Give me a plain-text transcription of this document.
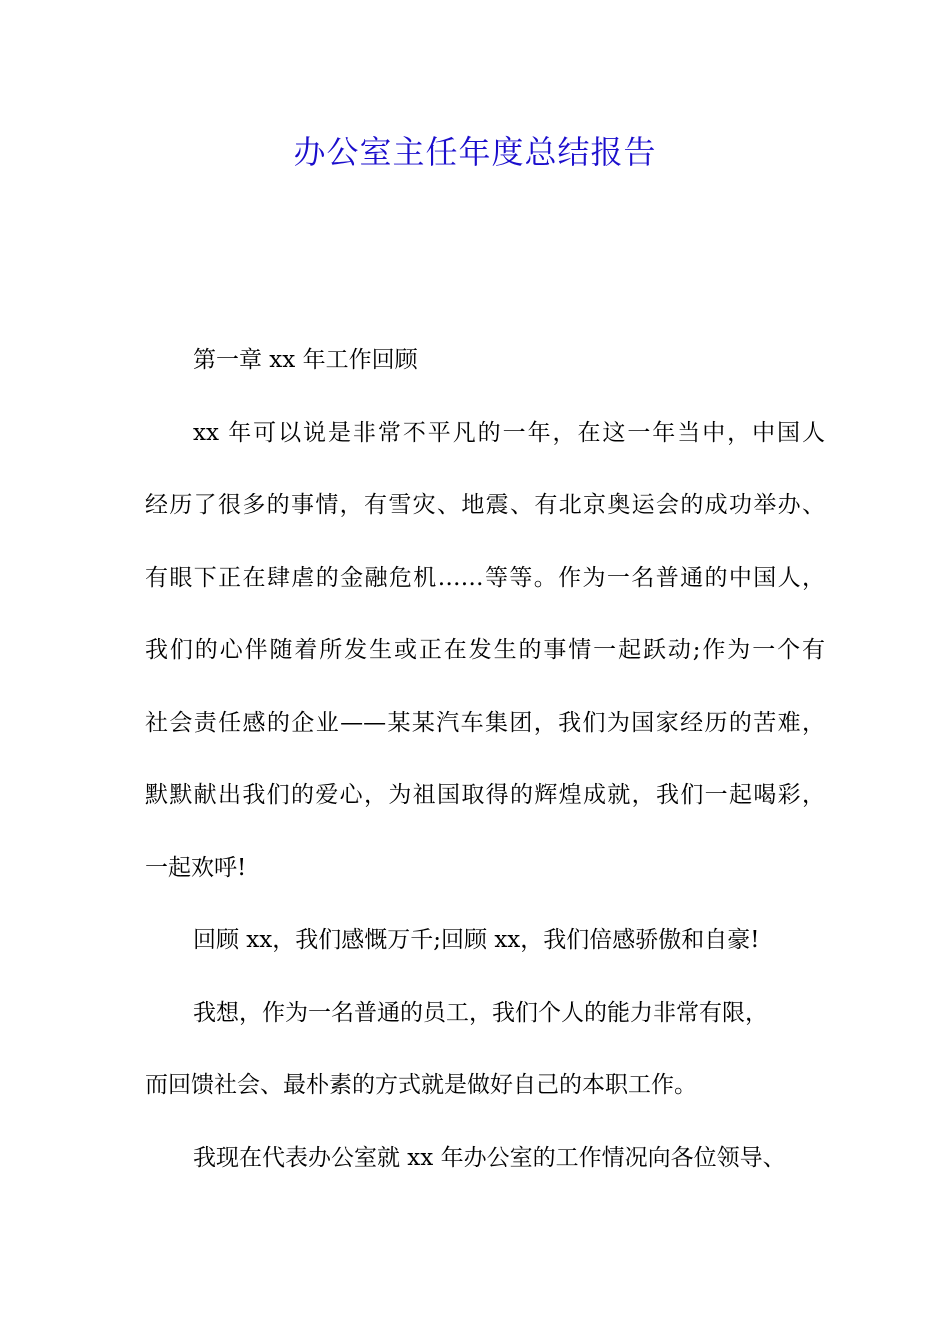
办公室主任年度总结报告
第一章 xx 年工作回顾
xx 年可以说是非常不平凡的一年，在这一年当中，中国人
经历了很多的事情，有雪灾、地震、有北京奥运会的成功举办、
有眼下正在肆虐的金融危机……等等。作为一名普通的中国人，
我们的心伴随着所发生或正在发生的事情一起跃动;作为一个有
社会责任感的企业——某某汽车集团，我们为国家经历的苦难，
默默献出我们的爱心，为祖国取得的辉煌成就，我们一起喝彩，
一起欢呼!
回顾 xx，我们感慨万千;回顾 xx，我们倍感骄傲和自豪!
我想，作为一名普通的员工，我们个人的能力非常有限，
而回馈社会、最朴素的方式就是做好自己的本职工作。
我现在代表办公室就 xx 年办公室的工作情况向各位领导、
